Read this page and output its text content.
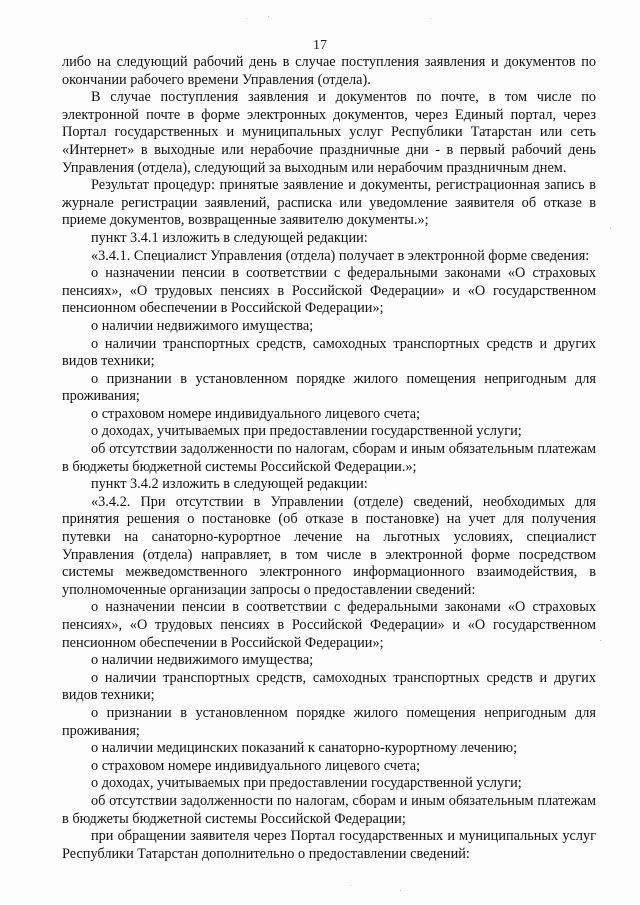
17

либо на следующий рабочий день в случае поступления заявления и документов по окончании рабочего времени Управления (отдела).

В случае поступления заявления и документов по почте, в том числе по электронной почте в форме электронных документов, через Единый портал, через Портал государственных и муниципальных услуг Республики Татарстан или сеть «Интернет» в выходные или нерабочие праздничные дни - в первый рабочий день Управления (отдела), следующий за выходным или нерабочим праздничным днем.

Результат процедур: принятые заявление и документы, регистрационная запись в журнале регистрации заявлений, расписка или уведомление заявителя об отказе в приеме документов, возвращенные заявителю документы.»;

пункт 3.4.1 изложить в следующей редакции:

«3.4.1. Специалист Управления (отдела) получает в электронной форме сведения:

о назначении пенсии в соответствии с федеральными законами «О страховых пенсиях», «О трудовых пенсиях в Российской Федерации» и «О государственном пенсионном обеспечении в Российской Федерации»;

о наличии недвижимого имущества;

о наличии транспортных средств, самоходных транспортных средств и других видов техники;

о признании в установленном порядке жилого помещения непригодным для проживания;

о страховом номере индивидуального лицевого счета;

о доходах, учитываемых при предоставлении государственной услуги;

об отсутствии задолженности по налогам, сборам и иным обязательным платежам в бюджеты бюджетной системы Российской Федерации.»;

пункт 3.4.2 изложить в следующей редакции:

«3.4.2. При отсутствии в Управлении (отделе) сведений, необходимых для принятия решения о постановке (об отказе в постановке) на учет для получения путевки на санаторно-курортное лечение на льготных условиях, специалист Управления (отдела) направляет, в том числе в электронной форме посредством системы межведомственного электронного информационного взаимодействия, в уполномоченные организации запросы о предоставлении сведений:

о назначении пенсии в соответствии с федеральными законами «О страховых пенсиях», «О трудовых пенсиях в Российской Федерации» и «О государственном пенсионном обеспечении в Российской Федерации»;

о наличии недвижимого имущества;

о наличии транспортных средств, самоходных транспортных средств и других видов техники;

о признании в установленном порядке жилого помещения непригодным для проживания;

о наличии медицинских показаний к санаторно-курортному лечению;

о страховом номере индивидуального лицевого счета;

о доходах, учитываемых при предоставлении государственной услуги;

об отсутствии задолженности по налогам, сборам и иным обязательным платежам в бюджеты бюджетной системы Российской Федерации;

при обращении заявителя через Портал государственных и муниципальных услуг Республики Татарстан дополнительно о предоставлении сведений:
